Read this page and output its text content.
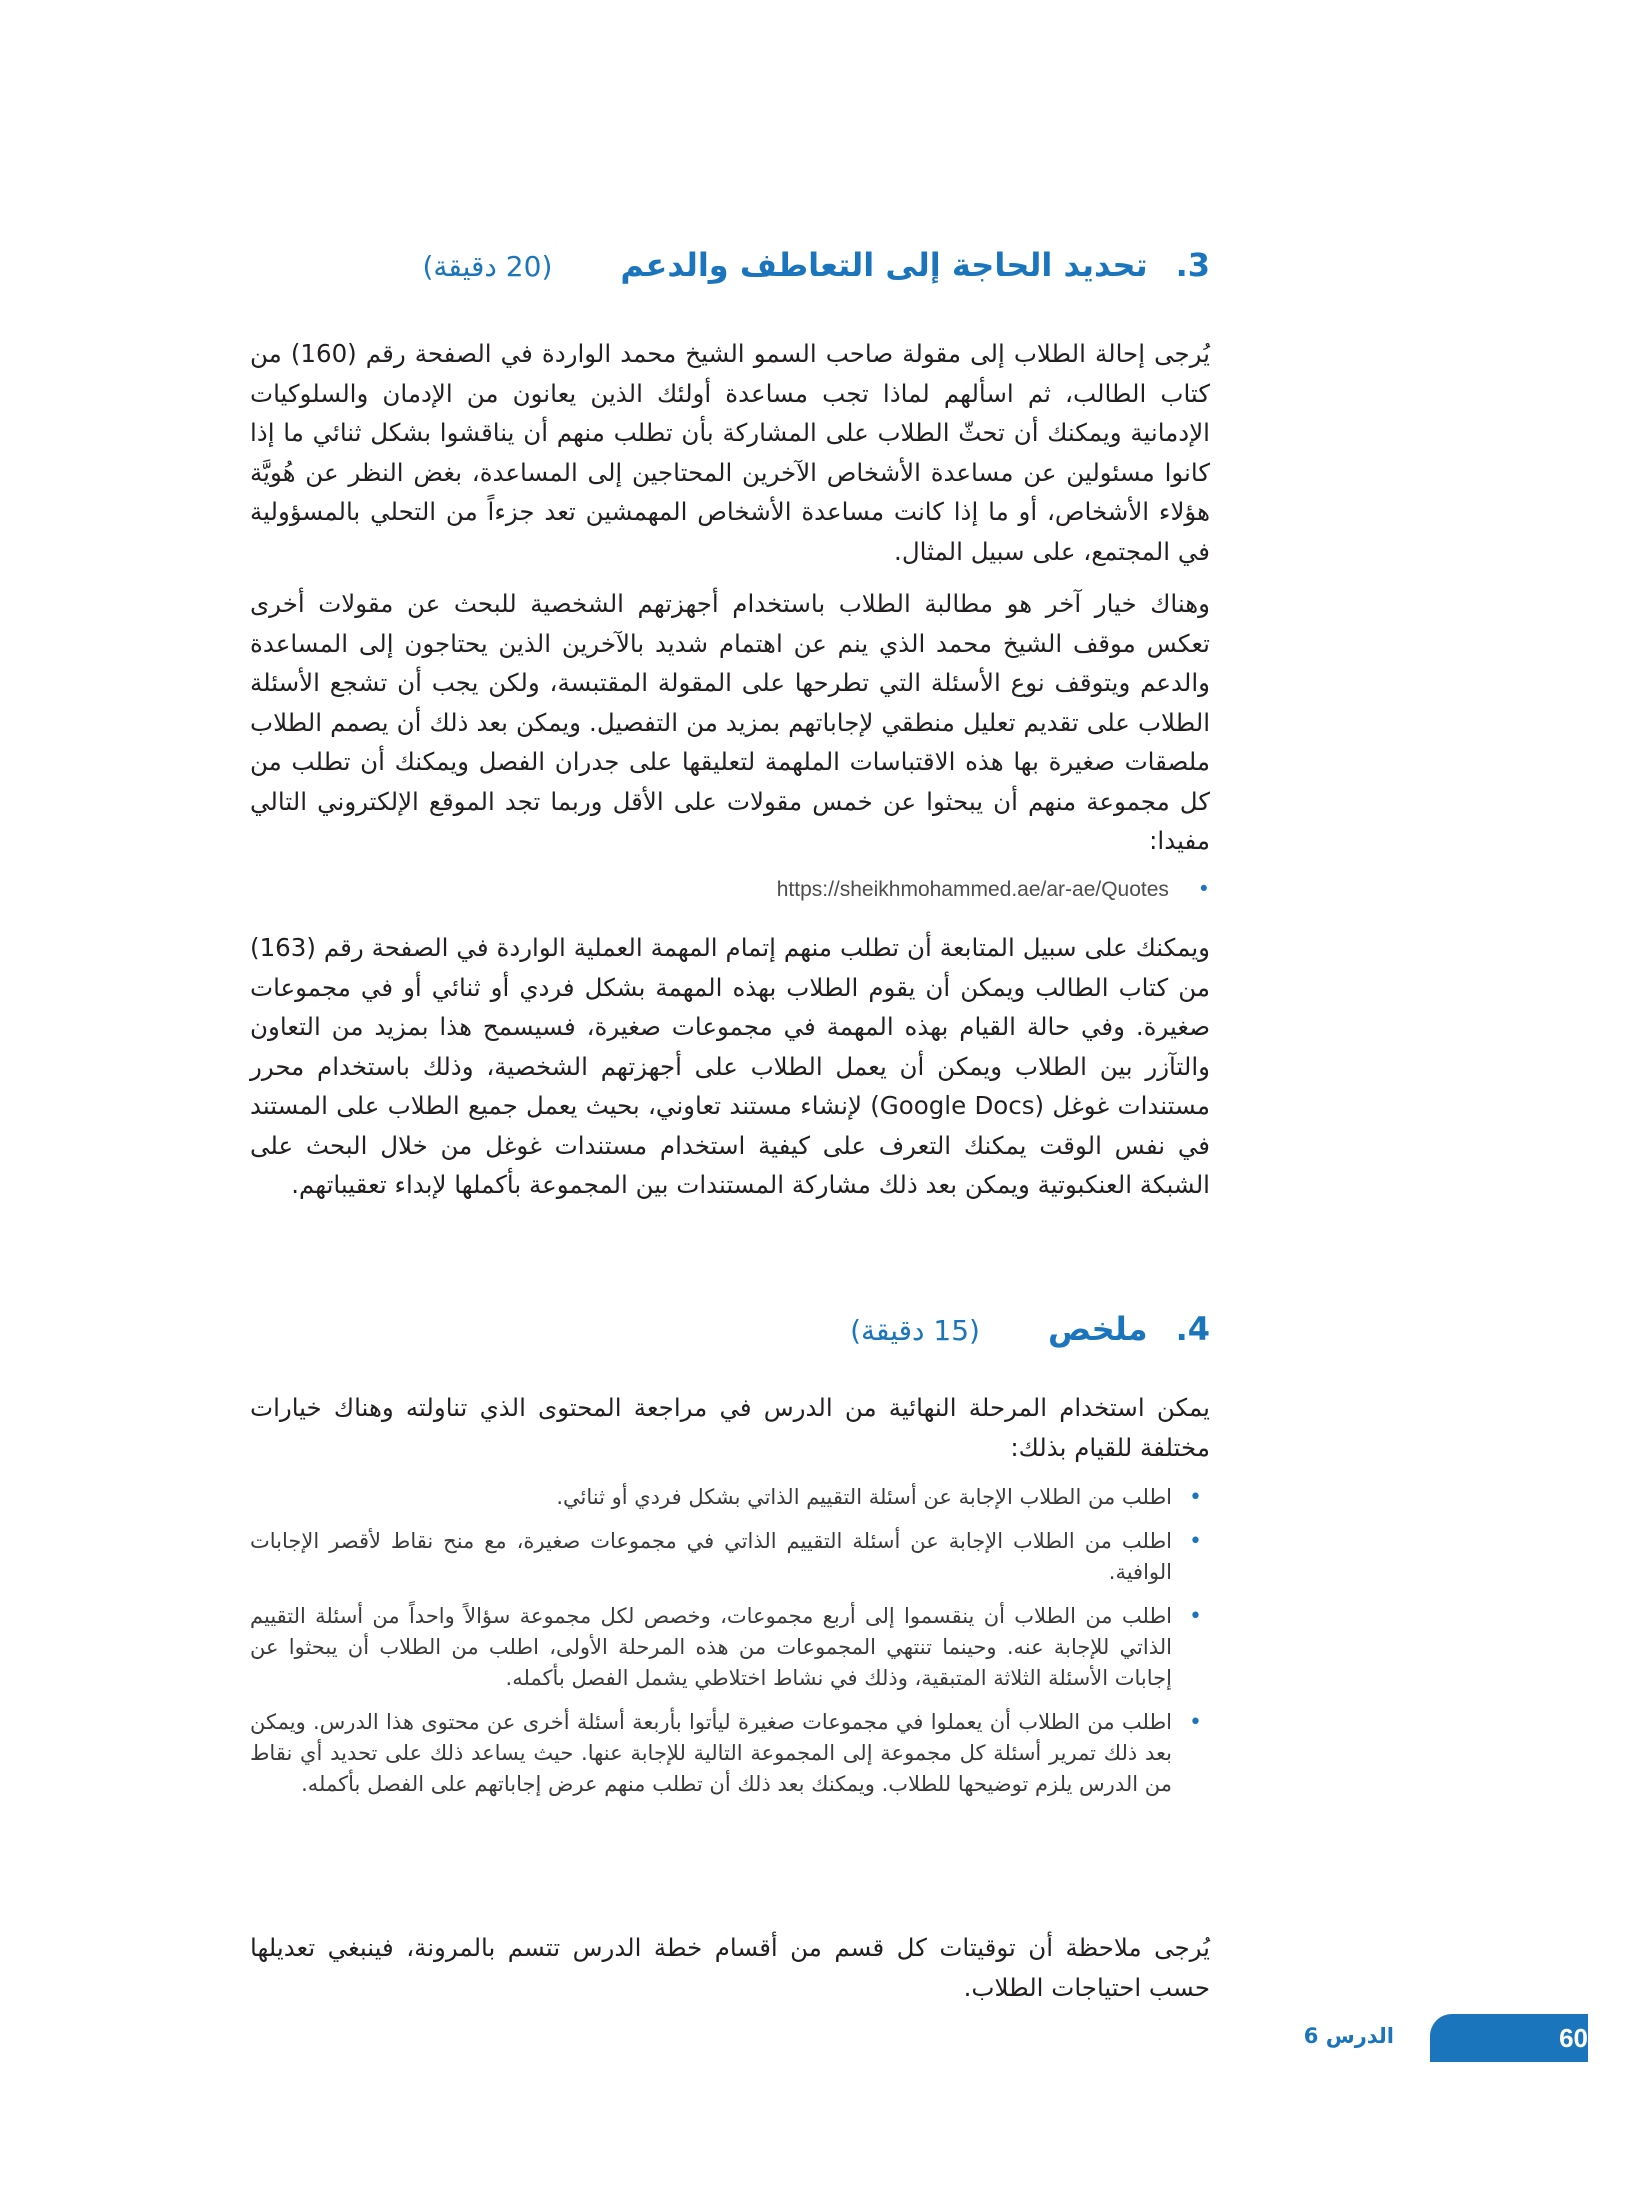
3.
تحديد الحاجة إلى التعاطف والدعم
(20 دقيقة)

يُرجى إحالة الطلاب إلى مقولة صاحب السمو الشيخ محمد الواردة في الصفحة رقم (160) من كتاب الطالب، ثم اسألهم لماذا تجب مساعدة أولئك الذين يعانون من الإدمان والسلوكيات الإدمانية ويمكنك أن تحثّ الطلاب على المشاركة بأن تطلب منهم أن يناقشوا بشكل ثنائي ما إذا كانوا مسئولين عن مساعدة الأشخاص الآخرين المحتاجين إلى المساعدة، بغض النظر عن هُويَّة هؤلاء الأشخاص، أو ما إذا كانت مساعدة الأشخاص المهمشين تعد جزءاً من التحلي بالمسؤولية في المجتمع، على سبيل المثال.

وهناك خيار آخر هو مطالبة الطلاب باستخدام أجهزتهم الشخصية للبحث عن مقولات أخرى تعكس موقف الشيخ محمد الذي ينم عن اهتمام شديد بالآخرين الذين يحتاجون إلى المساعدة والدعم ويتوقف نوع الأسئلة التي تطرحها على المقولة المقتبسة، ولكن يجب أن تشجع الأسئلة الطلاب على تقديم تعليل منطقي لإجاباتهم بمزيد من التفصيل. ويمكن بعد ذلك أن يصمم الطلاب ملصقات صغيرة بها هذه الاقتباسات الملهمة لتعليقها على جدران الفصل ويمكنك أن تطلب من كل مجموعة منهم أن يبحثوا عن خمس مقولات على الأقل وربما تجد الموقع الإلكتروني التالي مفيدا:

• https://sheikhmohammed.ae/ar-ae/Quotes

ويمكنك على سبيل المتابعة أن تطلب منهم إتمام المهمة العملية الواردة في الصفحة رقم (163) من كتاب الطالب ويمكن أن يقوم الطلاب بهذه المهمة بشكل فردي أو ثنائي أو في مجموعات صغيرة. وفي حالة القيام بهذه المهمة في مجموعات صغيرة، فسيسمح هذا بمزيد من التعاون والتآزر بين الطلاب ويمكن أن يعمل الطلاب على أجهزتهم الشخصية، وذلك باستخدام محرر مستندات غوغل (Google Docs) لإنشاء مستند تعاوني، بحيث يعمل جميع الطلاب على المستند في نفس الوقت يمكنك التعرف على كيفية استخدام مستندات غوغل من خلال البحث على الشبكة العنكبوتية ويمكن بعد ذلك مشاركة المستندات بين المجموعة بأكملها لإبداء تعقيباتهم.

4.
ملخص
(15 دقيقة)

يمكن استخدام المرحلة النهائية من الدرس في مراجعة المحتوى الذي تناولته وهناك خيارات مختلفة للقيام بذلك:

•
اطلب من الطلاب الإجابة عن أسئلة التقييم الذاتي بشكل فردي أو ثنائي.
•
اطلب من الطلاب الإجابة عن أسئلة التقييم الذاتي في مجموعات صغيرة، مع منح نقاط لأقصر الإجابات الوافية.
•
اطلب من الطلاب أن ينقسموا إلى أربع مجموعات، وخصص لكل مجموعة سؤالاً واحداً من أسئلة التقييم الذاتي للإجابة عنه. وحينما تنتهي المجموعات من هذه المرحلة الأولى، اطلب من الطلاب أن يبحثوا عن إجابات الأسئلة الثلاثة المتبقية، وذلك في نشاط اختلاطي يشمل الفصل بأكمله.
•
اطلب من الطلاب أن يعملوا في مجموعات صغيرة ليأتوا بأربعة أسئلة أخرى عن محتوى هذا الدرس. ويمكن بعد ذلك تمرير أسئلة كل مجموعة إلى المجموعة التالية للإجابة عنها. حيث يساعد ذلك على تحديد أي نقاط من الدرس يلزم توضيحها للطلاب. ويمكنك بعد ذلك أن تطلب منهم عرض إجاباتهم على الفصل بأكمله.

يُرجى ملاحظة أن توقيتات كل قسم من أقسام خطة الدرس تتسم بالمرونة، فينبغي تعديلها حسب احتياجات الطلاب.

60
الدرس 6
